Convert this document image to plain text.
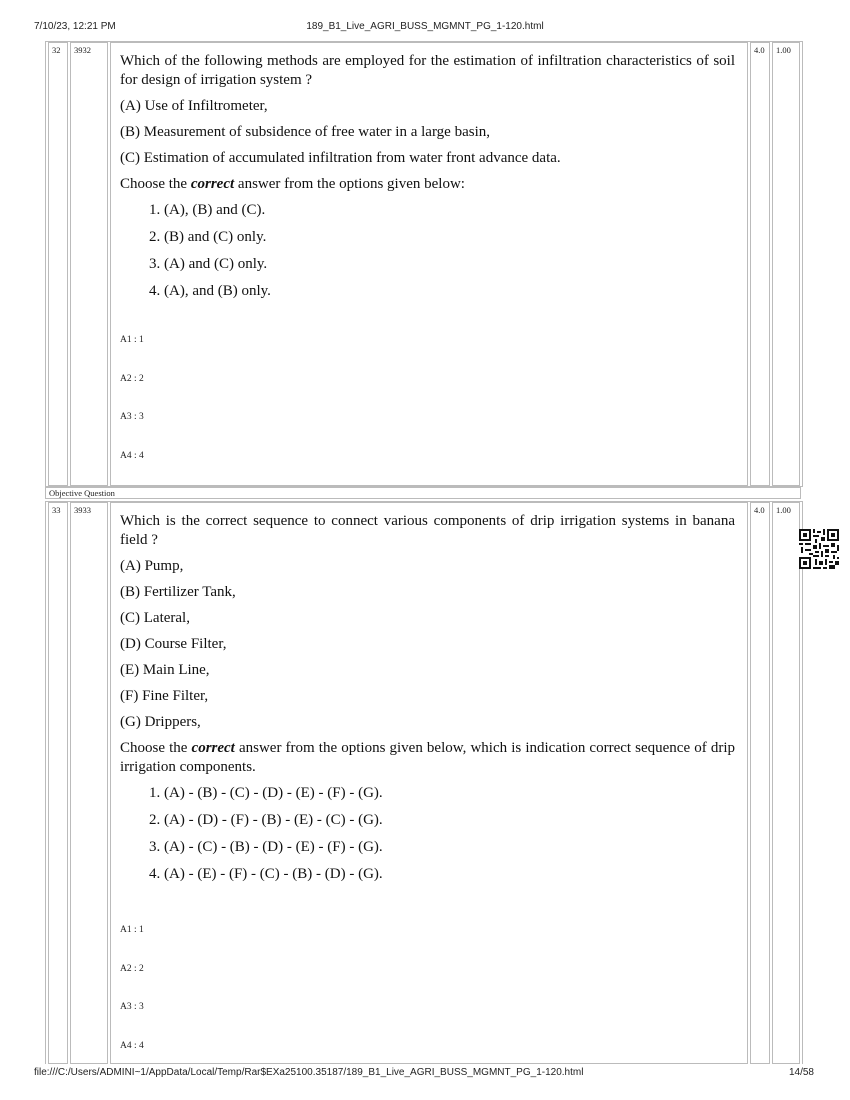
7/10/23, 12:21 PM	189_B1_Live_AGRI_BUSS_MGMNT_PG_1-120.html
32	3932

Which of the following methods are employed for the estimation of infiltration characteristics of soil for design of irrigation system ?

(A) Use of Infiltrometer,

(B) Measurement of subsidence of free water in a large basin,

(C) Estimation of accumulated infiltration from water front advance data.

Choose the correct answer from the options given below:

1. (A), (B) and (C).

2. (B) and (C) only.

3. (A) and (C) only.

4. (A), and (B) only.

A1 : 1
A2 : 2
A3 : 3
A4 : 4
4.0	1.00
Objective Question
33	3933

Which is the correct sequence to connect various components of drip irrigation systems in banana field ?

(A) Pump,

(B) Fertilizer Tank,

(C) Lateral,

(D) Course Filter,

(E) Main Line,

(F) Fine Filter,

(G) Drippers,

Choose the correct answer from the options given below, which is indication correct sequence of drip irrigation components.

1. (A) - (B) - (C) - (D) - (E) - (F) - (G).

2. (A) - (D) - (F) - (B) - (E) - (C) - (G).

3. (A) - (C) - (B) - (D) - (E) - (F) - (G).

4. (A) - (E) - (F) - (C) - (B) - (D) - (G).

A1 : 1
A2 : 2
A3 : 3
A4 : 4
4.0	1.00
file:///C:/Users/ADMINI~1/AppData/Local/Temp/Rar$EXa25100.35187/189_B1_Live_AGRI_BUSS_MGMNT_PG_1-120.html	14/58
